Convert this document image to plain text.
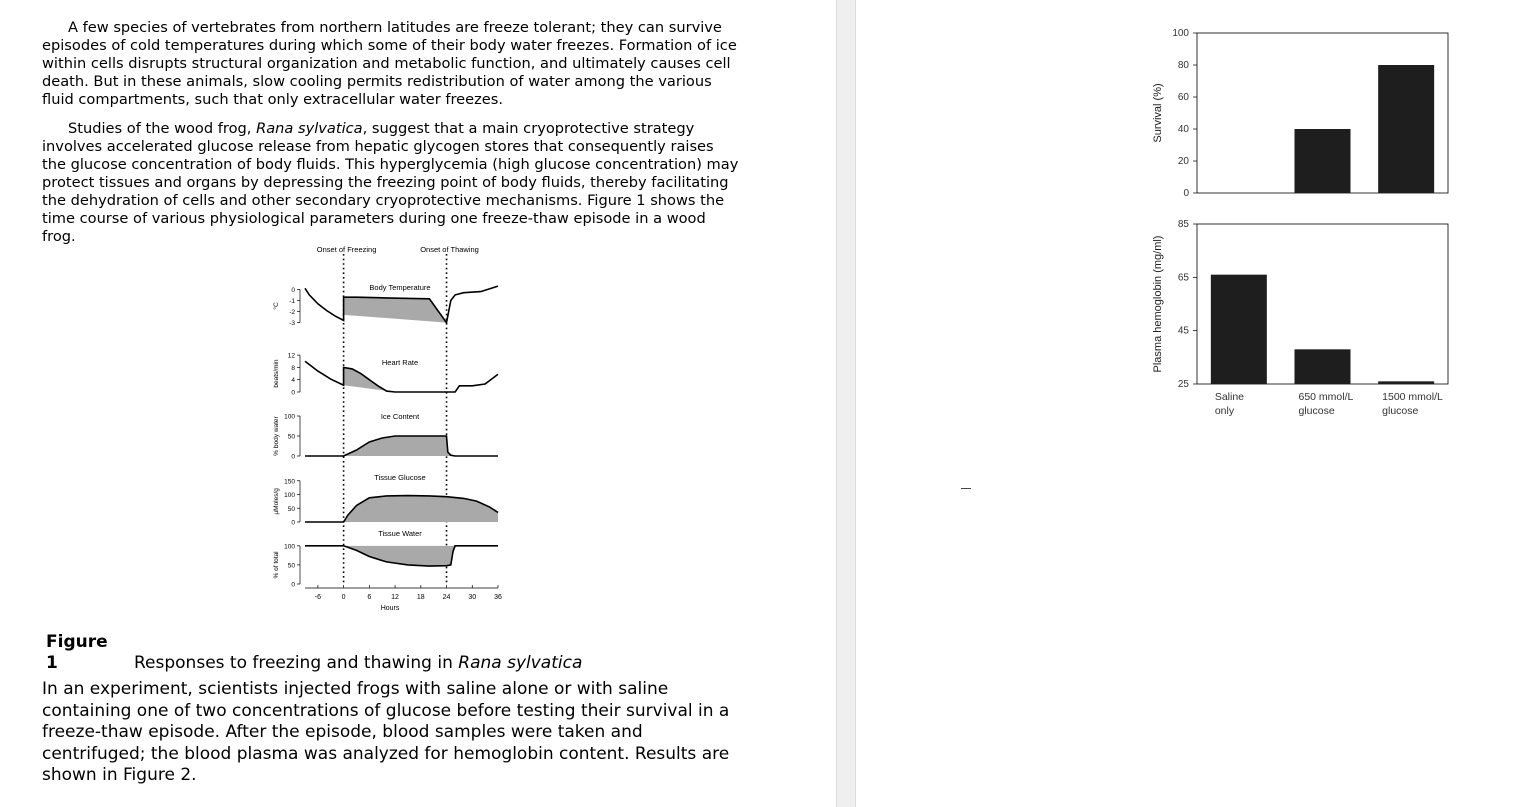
A few species of vertebrates from northern latitudes are freeze tolerant; they can survive episodes of cold temperatures during which some of their body water freezes. Formation of ice within cells disrupts structural organization and metabolic function, and ultimately causes cell death. But in these animals, slow cooling permits redistribution of water among the various fluid compartments, such that only extracellular water freezes.

Studies of the wood frog, Rana sylvatica, suggest that a main cryoprotective strategy involves accelerated glucose release from hepatic glycogen stores that consequently raises the glucose concentration of body fluids. This hyperglycemia (high glucose concentration) may protect tissues and organs by depressing the freezing point of body fluids, thereby facilitating the dehydration of cells and other secondary cryoprotective mechanisms. Figure 1 shows the time course of various physiological parameters during one freeze-thaw episode in a wood frog.

Onset of Freezing	Onset of Thawing
0
-1
-2
-3
°C
Body Temperature
12
8
4
0
beats/min	Heart Rate
100
50
0
% body water	Ice Content
150
100
50
0
µMoles/g
Tissue Glucose
100
50
0
% of total
Tissue Water
-6	0	6	12	18	24	30	36
Hours
Figure
1	Responses to freezing and thawing in Rana sylvatica

In an experiment, scientists injected frogs with saline alone or with saline containing one of two concentrations of glucose before testing their survival in a freeze-thaw episode. After the episode, blood samples were taken and centrifuged; the blood plasma was analyzed for hemoglobin content. Results are shown in Figure 2.

100
80
60
40
20
0
Survival (%)
85
65
45
25
Plasma hemoglobin (mg/ml)
Saline
only
650 mmol/L
glucose
1500 mmol/L
glucose
